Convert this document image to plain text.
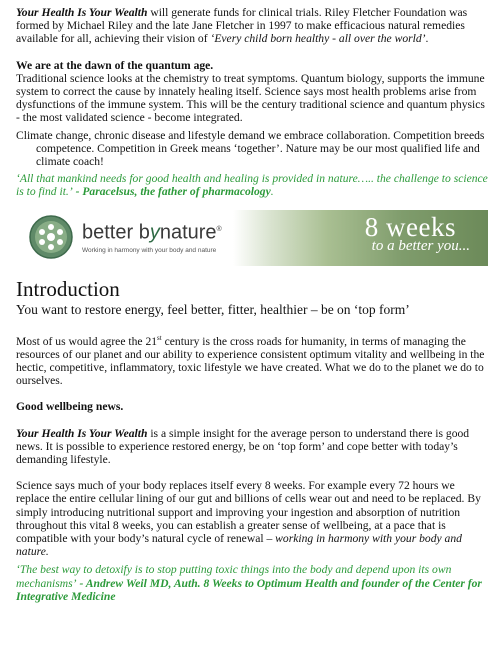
Your Health Is Your Wealth will generate funds for clinical trials. Riley Fletcher Foundation was formed by Michael Riley and the late Jane Fletcher in 1997 to make efficacious natural remedies available for all, achieving their vision of ‘Every child born healthy - all over the world’.

We are at the dawn of the quantum age.

Traditional science looks at the chemistry to treat symptoms. Quantum biology, supports the immune system to correct the cause by innately healing itself. Science says most health problems arise from dysfunctions of the immune system. This will be the century traditional science and quantum physics - the most validated science - become integrated.

Climate change, chronic disease and lifestyle demand we embrace collaboration. Competition breeds competence. Competition in Greek means ‘together’. Nature may be our most qualified life and climate coach!

‘All that mankind needs for good health and healing is provided in nature….. the challenge to science is to find it.’ - Paracelsus, the father of pharmacology.

better bynature®
Working in harmony with your body and nature
8 weeks
to a better you...
Introduction

You want to restore energy, feel better, fitter, healthier – be on ‘top form’

Most of us would agree the 21st century is the cross roads for humanity, in terms of managing the resources of our planet and our ability to experience consistent optimum vitality and wellbeing in the hectic, competitive, inflammatory, toxic lifestyle we have created. What we do to the planet we do to ourselves.

Good wellbeing news.

Your Health Is Your Wealth is a simple insight for the average person to understand there is good news. It is possible to experience restored energy, be on ‘top form’ and cope better with today’s demanding lifestyle.

Science says much of your body replaces itself every 8 weeks. For example every 72 hours we replace the entire cellular lining of our gut and billions of cells wear out and need to be replaced. By simply introducing nutritional support and improving your ingestion and absorption of nutrition throughout this vital 8 weeks, you can establish a greater sense of wellbeing, at a pace that is compatible with your body’s natural cycle of renewal – working in harmony with your body and nature.

‘The best way to detoxify is to stop putting toxic things into the body and depend upon its own mechanisms’ - Andrew Weil MD, Auth. 8 Weeks to Optimum Health and founder of the Center for Integrative Medicine
